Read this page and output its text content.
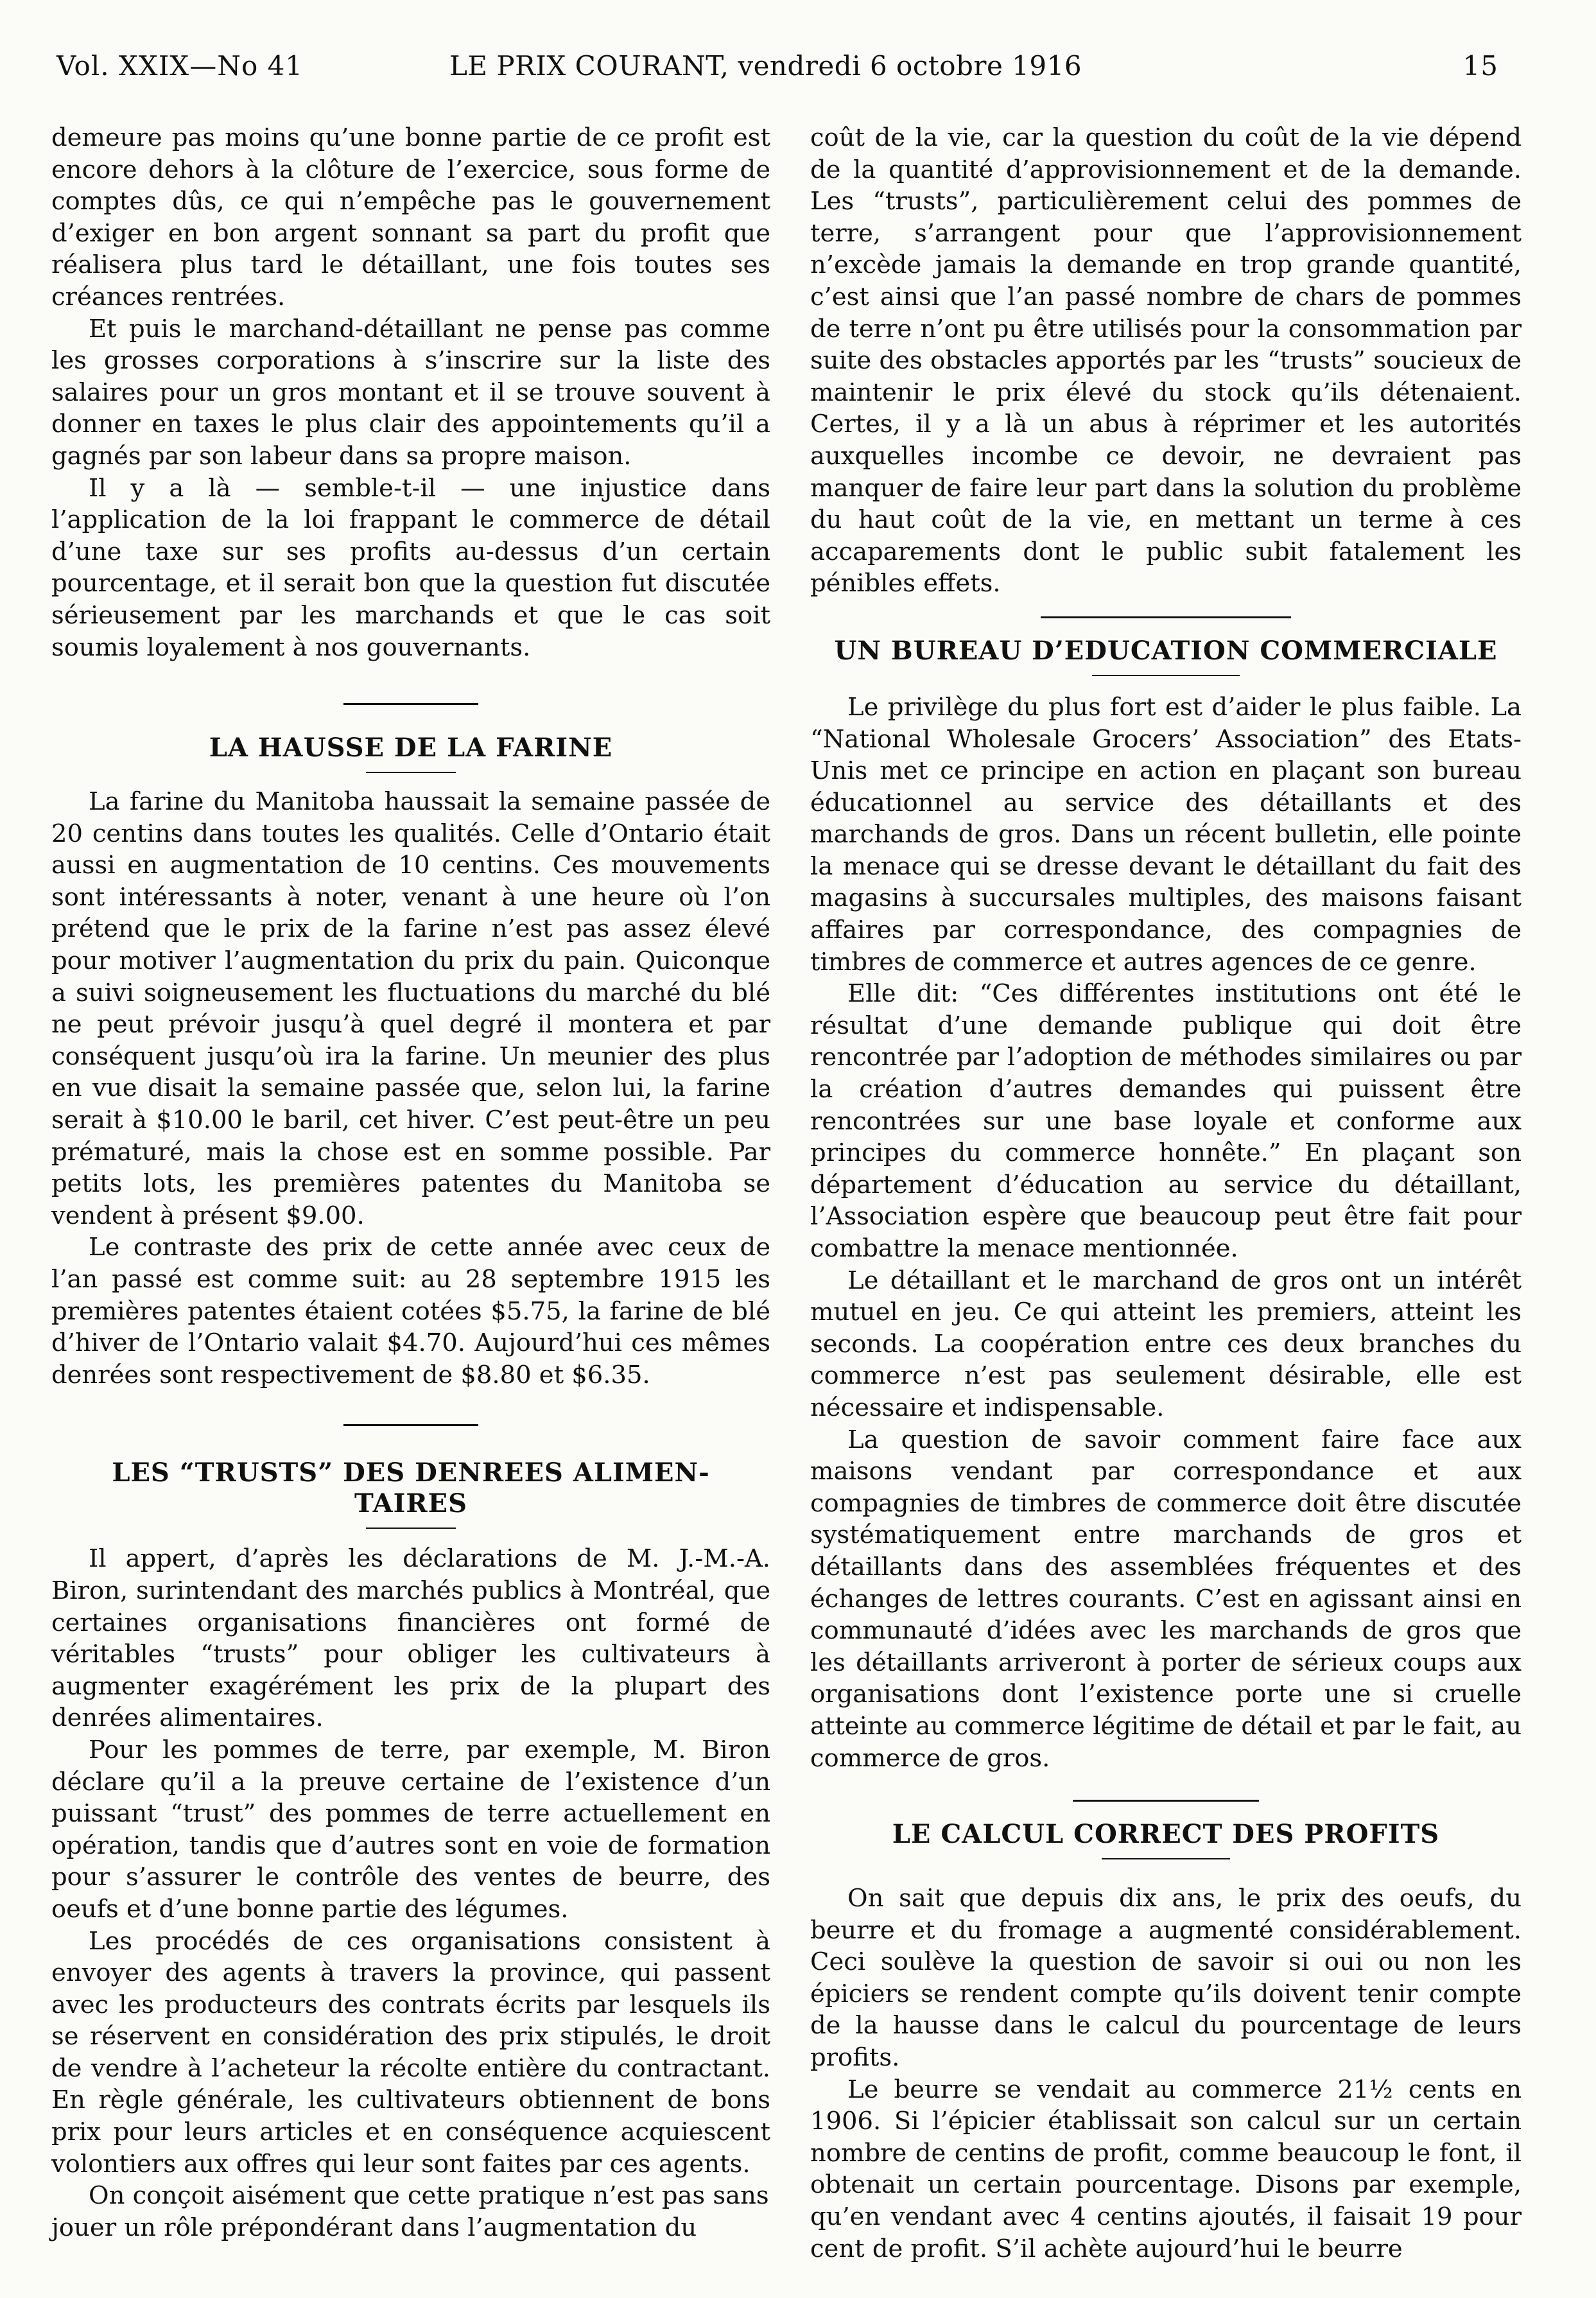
Vol. XXIX—No 41	LE PRIX COURANT, vendredi 6 octobre 1916	15

demeure pas moins qu’une bonne partie de ce profit est encore dehors à la clôture de l’exercice, sous forme de comptes dûs, ce qui n’empêche pas le gouvernement d’exiger en bon argent sonnant sa part du profit que réalisera plus tard le détaillant, une fois toutes ses créances rentrées.

Et puis le marchand-détaillant ne pense pas comme les grosses corporations à s’inscrire sur la liste des salaires pour un gros montant et il se trouve souvent à donner en taxes le plus clair des appointements qu’il a gagnés par son labeur dans sa propre maison.

Il y a là — semble-t-il — une injustice dans l’application de la loi frappant le commerce de détail d’une taxe sur ses profits au-dessus d’un certain pourcentage, et il serait bon que la question fut discutée sérieusement par les marchands et que le cas soit soumis loyalement à nos gouvernants.

LA HAUSSE DE LA FARINE

La farine du Manitoba haussait la semaine passée de 20 centins dans toutes les qualités. Celle d’Ontario était aussi en augmentation de 10 centins. Ces mouvements sont intéressants à noter, venant à une heure où l’on prétend que le prix de la farine n’est pas assez élevé pour motiver l’augmentation du prix du pain. Quiconque a suivi soigneusement les fluctuations du marché du blé ne peut prévoir jusqu’à quel degré il montera et par conséquent jusqu’où ira la farine. Un meunier des plus en vue disait la semaine passée que, selon lui, la farine serait à $10.00 le baril, cet hiver. C’est peut-être un peu prématuré, mais la chose est en somme possible. Par petits lots, les premières patentes du Manitoba se vendent à présent $9.00.

Le contraste des prix de cette année avec ceux de l’an passé est comme suit: au 28 septembre 1915 les premières patentes étaient cotées $5.75, la farine de blé d’hiver de l’Ontario valait $4.70. Aujourd’hui ces mêmes denrées sont respectivement de $8.80 et $6.35.

LES “TRUSTS” DES DENREES ALIMEN-
TAIRES

Il appert, d’après les déclarations de M. J.-M.-A. Biron, surintendant des marchés publics à Montréal, que certaines organisations financières ont formé de véritables “trusts” pour obliger les cultivateurs à augmenter exagérément les prix de la plupart des denrées alimentaires.

Pour les pommes de terre, par exemple, M. Biron déclare qu’il a la preuve certaine de l’existence d’un puissant “trust” des pommes de terre actuellement en opération, tandis que d’autres sont en voie de formation pour s’assurer le contrôle des ventes de beurre, des oeufs et d’une bonne partie des légumes.

Les procédés de ces organisations consistent à envoyer des agents à travers la province, qui passent avec les producteurs des contrats écrits par lesquels ils se réservent en considération des prix stipulés, le droit de vendre à l’acheteur la récolte entière du contractant. En règle générale, les cultivateurs obtiennent de bons prix pour leurs articles et en conséquence acquiescent volontiers aux offres qui leur sont faites par ces agents.

On conçoit aisément que cette pratique n’est pas sans jouer un rôle prépondérant dans l’augmentation du

coût de la vie, car la question du coût de la vie dépend de la quantité d’approvisionnement et de la demande. Les “trusts”, particulièrement celui des pommes de terre, s’arrangent pour que l’approvisionnement n’excède jamais la demande en trop grande quantité, c’est ainsi que l’an passé nombre de chars de pommes de terre n’ont pu être utilisés pour la consommation par suite des obstacles apportés par les “trusts” soucieux de maintenir le prix élevé du stock qu’ils détenaient. Certes, il y a là un abus à réprimer et les autorités auxquelles incombe ce devoir, ne devraient pas manquer de faire leur part dans la solution du problème du haut coût de la vie, en mettant un terme à ces accaparements dont le public subit fatalement les pénibles effets.

UN BUREAU D’EDUCATION COMMERCIALE

Le privilège du plus fort est d’aider le plus faible. La “National Wholesale Grocers’ Association” des Etats-Unis met ce principe en action en plaçant son bureau éducationnel au service des détaillants et des marchands de gros. Dans un récent bulletin, elle pointe la menace qui se dresse devant le détaillant du fait des magasins à succursales multiples, des maisons faisant affaires par correspondance, des compagnies de timbres de commerce et autres agences de ce genre.

Elle dit: “Ces différentes institutions ont été le résultat d’une demande publique qui doit être rencontrée par l’adoption de méthodes similaires ou par la création d’autres demandes qui puissent être rencontrées sur une base loyale et conforme aux principes du commerce honnête.” En plaçant son département d’éducation au service du détaillant, l’Association espère que beaucoup peut être fait pour combattre la menace mentionnée.

Le détaillant et le marchand de gros ont un intérêt mutuel en jeu. Ce qui atteint les premiers, atteint les seconds. La coopération entre ces deux branches du commerce n’est pas seulement désirable, elle est nécessaire et indispensable.

La question de savoir comment faire face aux maisons vendant par correspondance et aux compagnies de timbres de commerce doit être discutée systématiquement entre marchands de gros et détaillants dans des assemblées fréquentes et des échanges de lettres courants. C’est en agissant ainsi en communauté d’idées avec les marchands de gros que les détaillants arriveront à porter de sérieux coups aux organisations dont l’existence porte une si cruelle atteinte au commerce légitime de détail et par le fait, au commerce de gros.

LE CALCUL CORRECT DES PROFITS

On sait que depuis dix ans, le prix des oeufs, du beurre et du fromage a augmenté considérablement. Ceci soulève la question de savoir si oui ou non les épiciers se rendent compte qu’ils doivent tenir compte de la hausse dans le calcul du pourcentage de leurs profits.

Le beurre se vendait au commerce 21½ cents en 1906. Si l’épicier établissait son calcul sur un certain nombre de centins de profit, comme beaucoup le font, il obtenait un certain pourcentage. Disons par exemple, qu’en vendant avec 4 centins ajoutés, il faisait 19 pour cent de profit. S’il achète aujourd’hui le beurre
